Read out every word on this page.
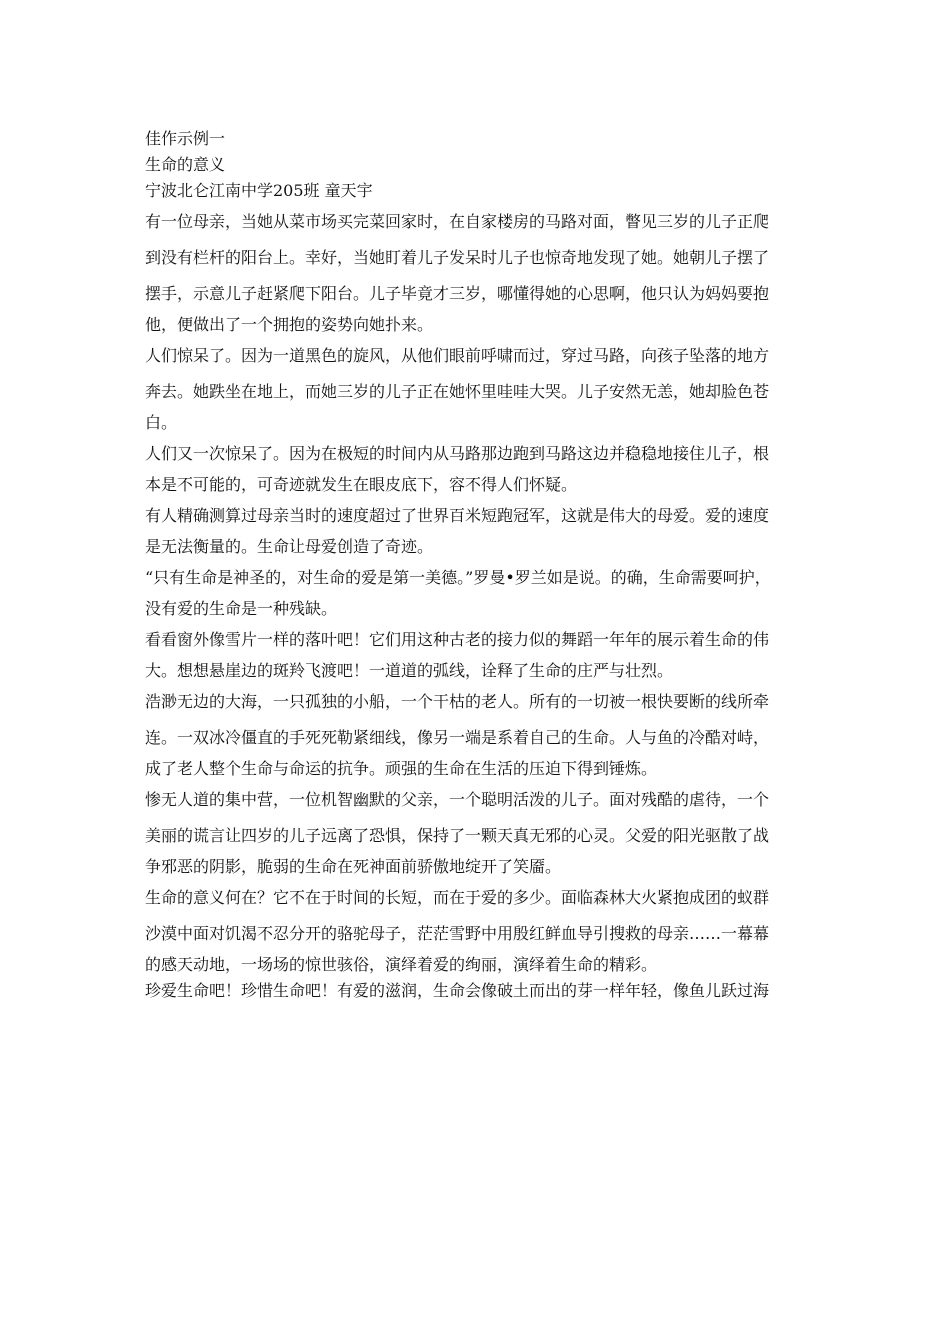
佳作示例一
生命的意义
宁波北仑江南中学205班 童天宇
有一位母亲，当她从菜市场买完菜回家时，在自家楼房的马路对面，瞥见三岁的儿子正爬
到没有栏杆的阳台上。幸好，当她盯着儿子发呆时儿子也惊奇地发现了她。她朝儿子摆了
摆手，示意儿子赶紧爬下阳台。儿子毕竟才三岁，哪懂得她的心思啊，他只认为妈妈要抱
他，便做出了一个拥抱的姿势向她扑来。
人们惊呆了。因为一道黑色的旋风，从他们眼前呼啸而过，穿过马路，向孩子坠落的地方
奔去。她跌坐在地上，而她三岁的儿子正在她怀里哇哇大哭。儿子安然无恙，她却脸色苍
白。
人们又一次惊呆了。因为在极短的时间内从马路那边跑到马路这边并稳稳地接住儿子，根
本是不可能的，可奇迹就发生在眼皮底下，容不得人们怀疑。
有人精确测算过母亲当时的速度超过了世界百米短跑冠军，这就是伟大的母爱。爱的速度
是无法衡量的。生命让母爱创造了奇迹。
“只有生命是神圣的，对生命的爱是第一美德。”罗曼•罗兰如是说。的确，生命需要呵护，
没有爱的生命是一种残缺。
看看窗外像雪片一样的落叶吧！它们用这种古老的接力似的舞蹈一年年的展示着生命的伟
大。想想悬崖边的斑羚飞渡吧！一道道的弧线，诠释了生命的庄严与壮烈。
浩渺无边的大海，一只孤独的小船，一个干枯的老人。所有的一切被一根快要断的线所牵
连。一双冰冷僵直的手死死勒紧细线，像另一端是系着自己的生命。人与鱼的冷酷对峙，
成了老人整个生命与命运的抗争。顽强的生命在生活的压迫下得到锤炼。
惨无人道的集中营，一位机智幽默的父亲，一个聪明活泼的儿子。面对残酷的虐待，一个
美丽的谎言让四岁的儿子远离了恐惧，保持了一颗天真无邪的心灵。父爱的阳光驱散了战
争邪恶的阴影，脆弱的生命在死神面前骄傲地绽开了笑靥。
生命的意义何在？它不在于时间的长短，而在于爱的多少。面临森林大火紧抱成团的蚁群
沙漠中面对饥渴不忍分开的骆驼母子，茫茫雪野中用殷红鲜血导引搜救的母亲……一幕幕
的感天动地，一场场的惊世骇俗，演绎着爱的绚丽，演绎着生命的精彩。
珍爱生命吧！珍惜生命吧！有爱的滋润，生命会像破土而出的芽一样年轻，像鱼儿跃过海
